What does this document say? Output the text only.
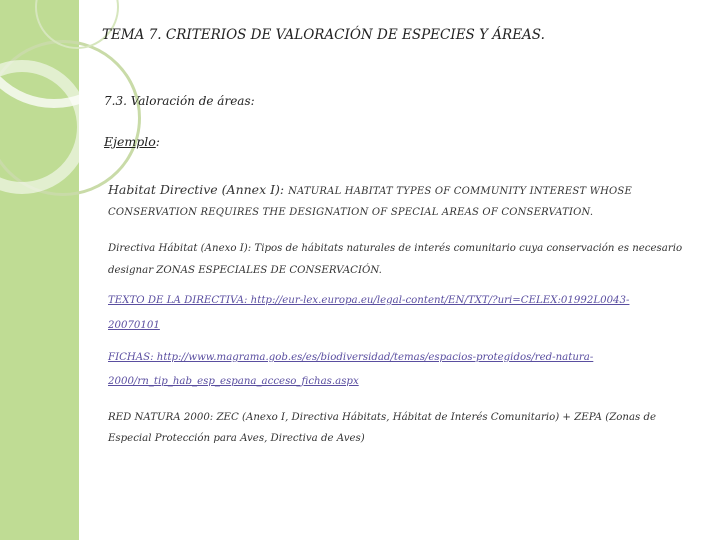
TEMA 7. CRITERIOS DE VALORACIÓN DE ESPECIES Y ÁREAS.
7.3. Valoración de áreas:
Ejemplo:
Habitat Directive (Annex I): NATURAL HABITAT TYPES OF COMMUNITY INTEREST WHOSE
CONSERVATION REQUIRES THE DESIGNATION OF SPECIAL AREAS OF CONSERVATION.
Directiva Hábitat (Anexo I): Tipos de hábitats naturales de interés comunitario cuya conservación es necesario
designar ZONAS ESPECIALES DE CONSERVACIÓN.
TEXTO DE LA DIRECTIVA: http://eur-lex.europa.eu/legal-content/EN/TXT/?uri=CELEX:01992L0043-
20070101
FICHAS: http://www.magrama.gob.es/es/biodiversidad/temas/espacios-protegidos/red-natura-
2000/rn_tip_hab_esp_espana_acceso_fichas.aspx
RED NATURA 2000: ZEC (Anexo I, Directiva Hábitats, Hábitat de Interés Comunitario) + ZEPA (Zonas de
Especial Protección para Aves, Directiva de Aves)
